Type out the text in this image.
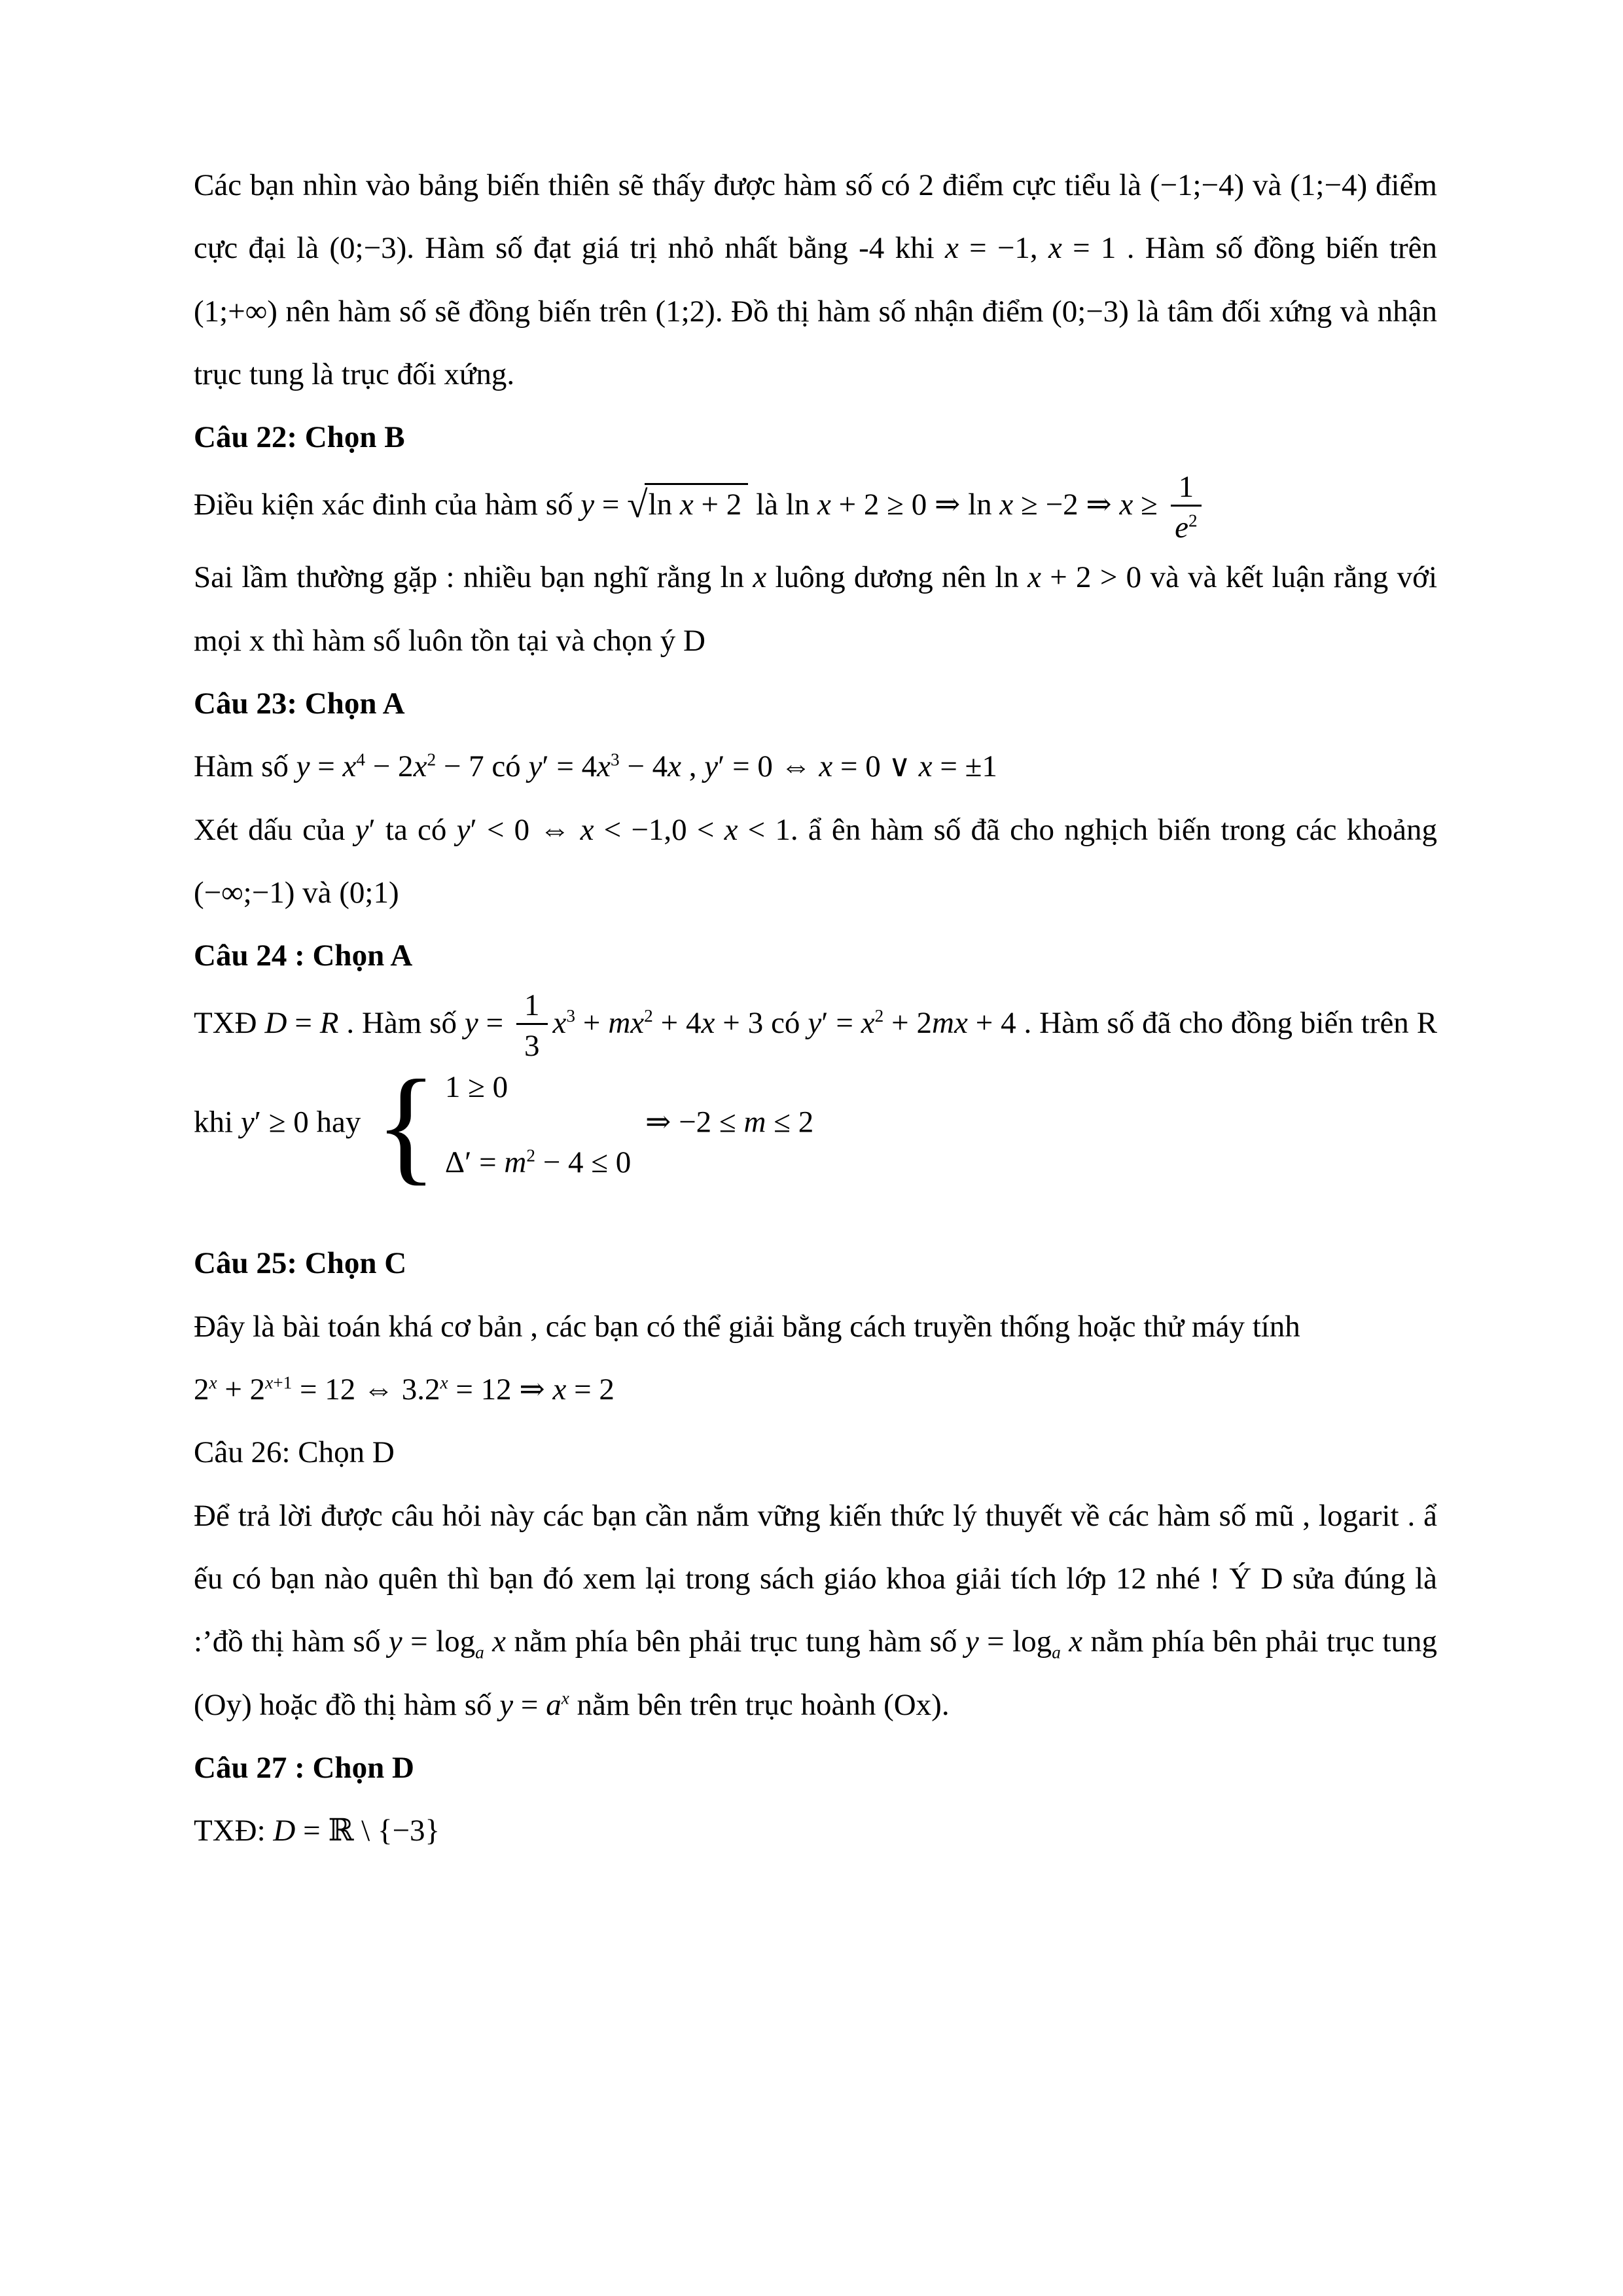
Các bạn nhìn vào bảng biến thiên sẽ thấy được hàm số có 2 điểm cực tiểu là (−1;−4) và (1;−4) điểm cực đại là (0;−3). Hàm số đạt giá trị nhỏ nhất bằng -4 khi x = −1, x = 1 . Hàm số đồng biến trên (1;+∞) nên hàm số sẽ đồng biến trên (1;2). Đồ thị hàm số nhận điểm (0;−3) là tâm đối xứng và nhận trục tung là trục đối xứng.

Câu 22: Chọn B

Điều kiện xác đinh của hàm số y = √ln x + 2 là ln x + 2 ≥ 0 ⇒ ln x ≥ −2 ⇒ $x \ge \frac{1}{e^2}$

Sai lầm thường gặp : nhiều bạn nghĩ rằng ln x luông dương nên ln x + 2 > 0 và và kết luận rằng với mọi x thì hàm số luôn tồn tại và chọn ý D

Câu 23: Chọn A

Hàm số $y = x^4 - 2x^2 - 7$ có $y' = 4x^3 - 4x$ , y′ = 0 ⇔ x = 0 ∨ x = ±1

Xét dấu của y′ ta có y′ < 0 ⇔ x < −1,0 < x < 1. ẩ ên hàm số đã cho nghịch biến trong các khoảng (−∞;−1) và (0;1)

Câu 24 : Chọn A

TXĐ D = R . Hàm số $y = \frac{1}{3} x^3 + mx^2 + 4x + 3$ có $y' = x^2 + 2mx + 4$ . Hàm số đã cho đồng biến trên R khi y′ ≥ 0 hay { 1 ≥ 0
$\Delta' = m^2 - 4 \le 0$
⇒ −2 ≤ m ≤ 2

Câu 25: Chọn C

Đây là bài toán khá cơ bản , các bạn có thể giải bằng cách truyền thống hoặc thử máy tính

$2^x + 2^{x+1} = 12$ ⇔ $3.2^x = 12$ ⇒ x = 2

Câu 26: Chọn D

Để trả lời được câu hỏi này các bạn cần nắm vững kiến thức lý thuyết về các hàm số mũ , logarit . ẩ ếu có bạn nào quên thì bạn đó xem lại trong sách giáo khoa giải tích lớp 12 nhé ! Ý D sửa đúng là :’đồ thị hàm số $y = \log_a x$ nằm phía bên phải trục tung hàm số $y = \log_a x$ nằm phía bên phải trục tung (Oy) hoặc đồ thị hàm số $y = a^x$ nằm bên trên trục hoành (Ox).

Câu 27 : Chọn D

TXĐ: D = ℝ \ {−3}
